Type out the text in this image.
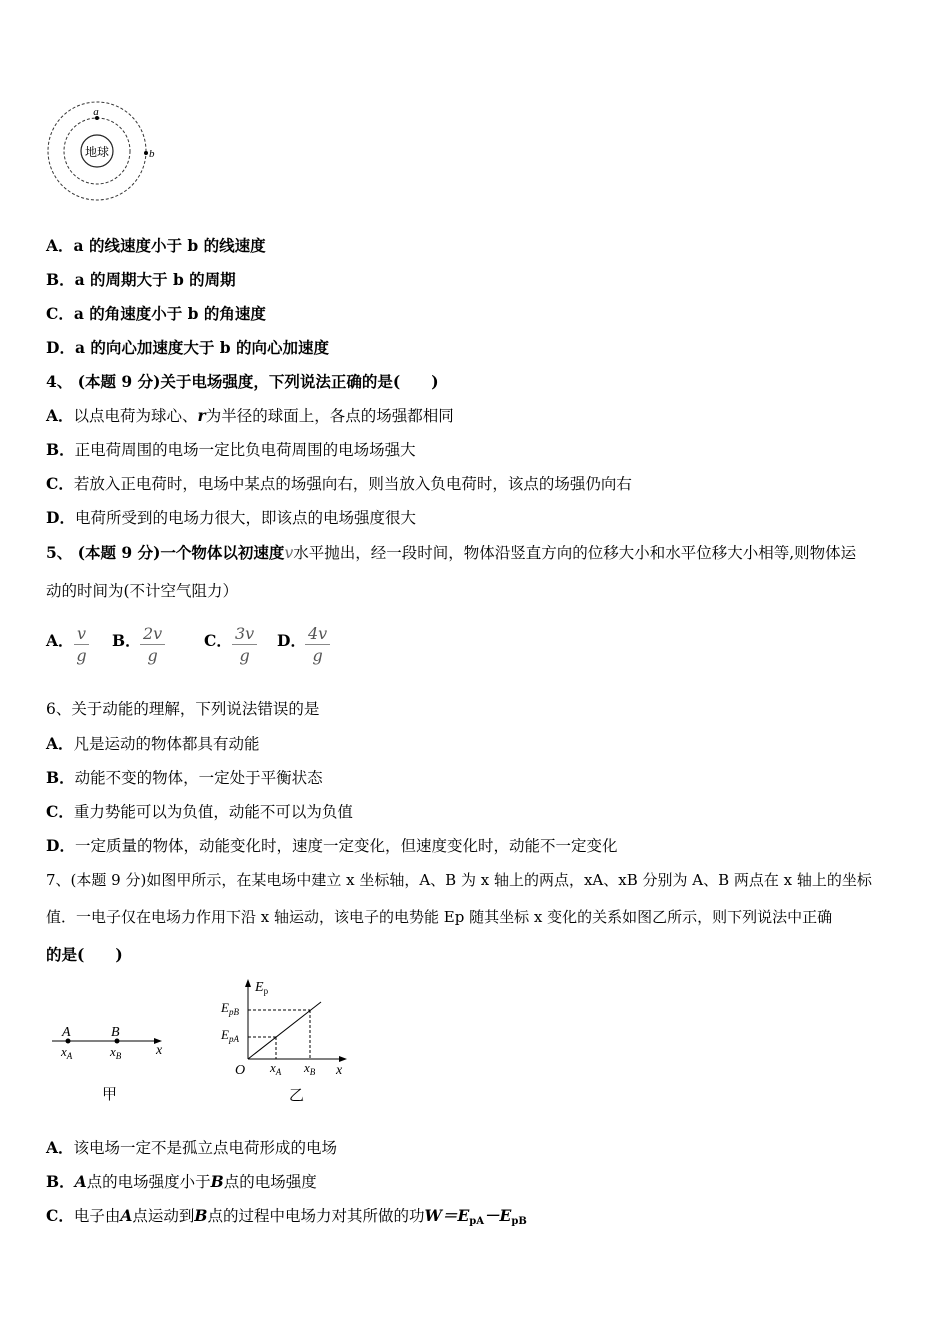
地球
a
b
A．a 的线速度小于 b 的线速度
B．a 的周期大于 b 的周期
C．a 的角速度小于 b 的角速度
D．a 的向心加速度大于 b 的向心加速度
4、 (本题 9 分)关于电场强度，下列说法正确的是(　　)
A．以点电荷为球心、r为半径的球面上，各点的场强都相同
B．正电荷周围的电场一定比负电荷周围的电场场强大
C．若放入正电荷时，电场中某点的场强向右，则当放入负电荷时，该点的场强仍向右
D．电荷所受到的电场力很大，即该点的电场强度很大
5、 (本题 9 分)一个物体以初速度v水平抛出，经一段时间，物体沿竖直方向的位移大小和水平位移大小相等,则物体运
动的时间为(不计空气阻力）
A． $\frac{v}{g}$ B． $\frac{2v}{g}$	C． $\frac{3v}{g}$ D． $\frac{4v}{g}$
6、关于动能的理解，下列说法错误的是
A．凡是运动的物体都具有动能
B．动能不变的物体，一定处于平衡状态
C．重力势能可以为负值，动能不可以为负值
D．一定质量的物体，动能变化时，速度一定变化，但速度变化时，动能不一定变化
7、(本题 9 分)如图甲所示，在某电场中建立 x 坐标轴，A、B 为 x 轴上的两点，xA、xB 分别为 A、B 两点在 x 轴上的坐标
值．一电子仅在电场力作用下沿 x 轴运动，该电子的电势能 Ep 随其坐标 x 变化的关系如图乙所示，则下列说法中正确
的是(　　)
A	B
$x_A$	$x_B$ x
甲
$E_p$
$E_{pB}$
$E_{pA}$
O $x_A$ $x_B$ x
乙
A．该电场一定不是孤立点电荷形成的电场
B．A点的电场强度小于B点的电场强度
C．电子由A点运动到B点的过程中电场力对其所做的功$W=E_{pA}-E_{pB}$
